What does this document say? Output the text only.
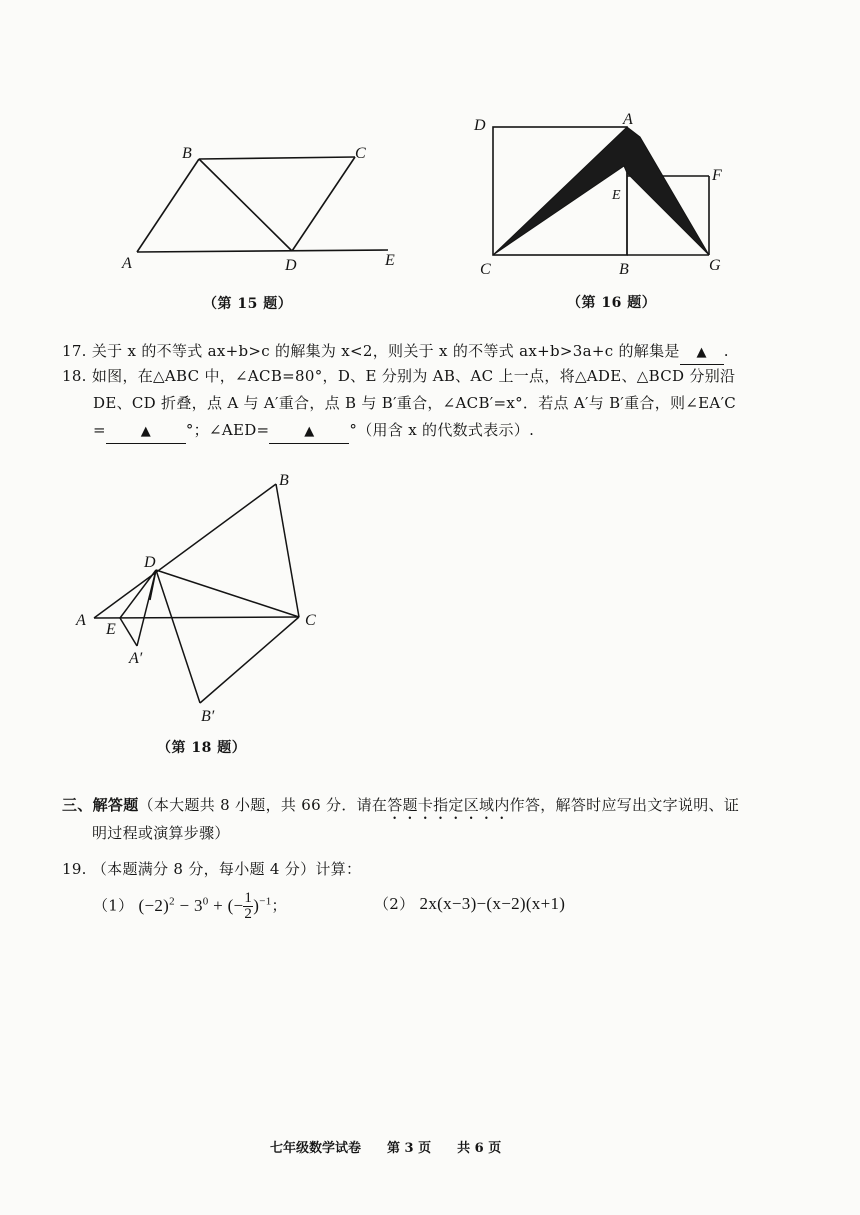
A
B	C
D	E
D	A
E
F
C	B	G
B
D
A
E
C
A′
B′
（第 15 题）	（第 16 题）
（第 18 题）
17. 关于 x 的不等式 ax+b>c 的解集为 x<2，则关于 x 的不等式 ax+b>3a+c 的解集是 ▲ .
18. 如图，在△ABC 中，∠ACB=80°，D、E 分别为 AB、AC 上一点，将△ADE、△BCD 分别沿
DE、CD 折叠，点 A 与 A′重合，点 B 与 B′重合，∠ACB′=x°．若点 A′与 B′重合，则∠EA′C
=	▲ °；∠AED=	▲ °（用含 x 的代数式表示）.
三、解答题（本大题共 8 小题，共 66 分．请在答题卡指定区域内作答，解答时应写出文字说明、证
明过程或演算步骤）
19. （本题满分 8 分，每小题 4 分）计算：
（1） $(-2)^2 - 3^0$ + (− $\frac{1}{2} )^{-1}$；	（2） 2x(x−3)−(x−2)(x+1)
七年级数学试卷　　第 3 页　　共 6 页
